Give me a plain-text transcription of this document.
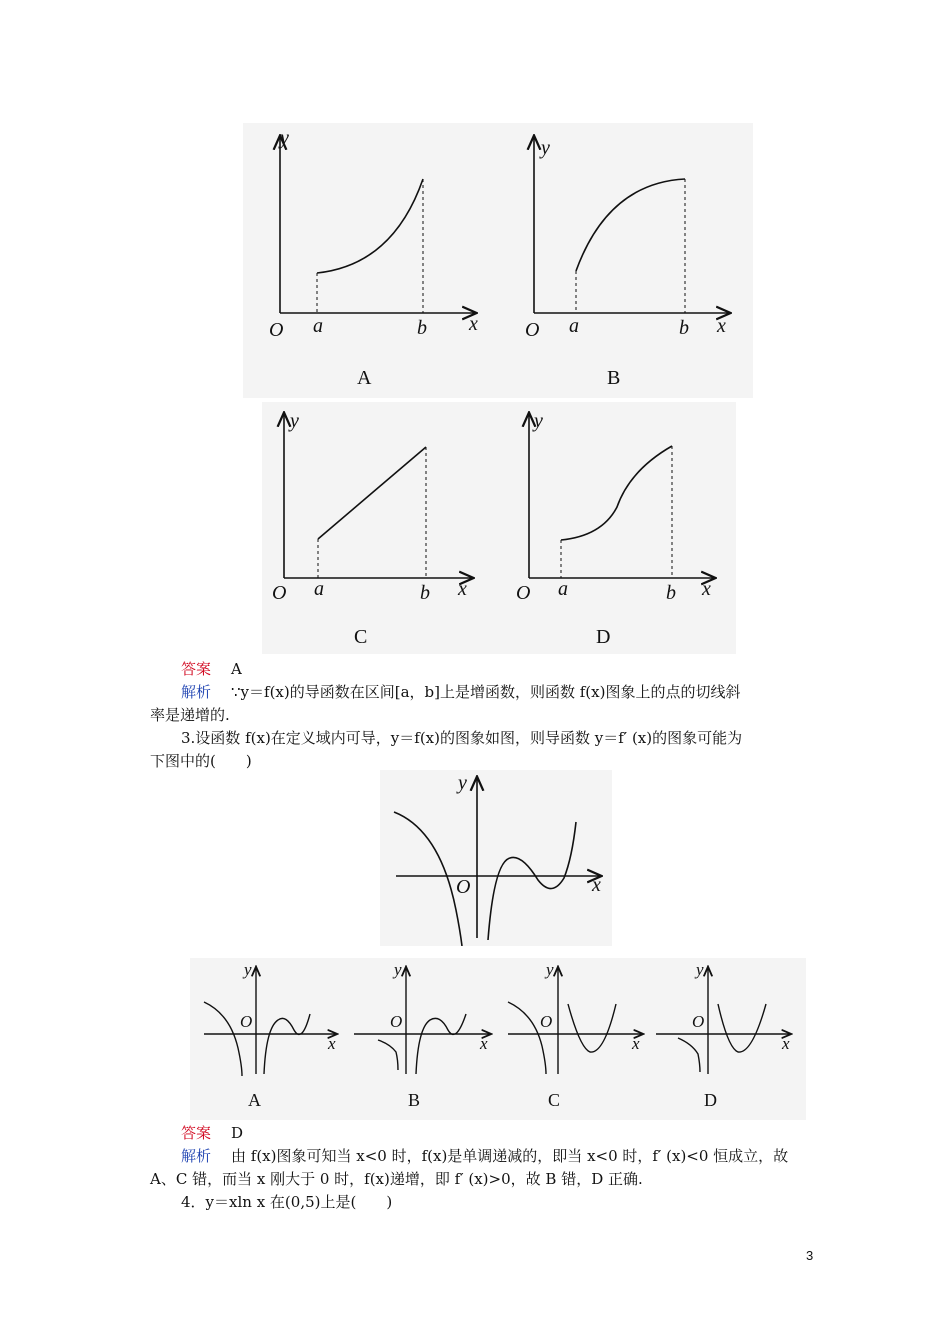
y
x
O a	b
A
y
x
O a	b
B
y
x
O a	b
C
y
x
O a	b
D
答案 A
解析 ∵y＝f(x)的导函数在区间[a，b]上是增函数，则函数 f(x)图象上的点的切线斜
率是递增的.
3.设函数 f(x)在定义域内可导，y＝f(x)的图象如图，则导函数 y＝f′ (x)的图象可能为
下图中的(　　)
y
x
O
y
O
x
A
y
O
x
B
y
O
x
C
y
O
x
D
答案 D
解析 由 f(x)图象可知当 x<0 时，f(x)是单调递减的，即当 x<0 时，f′ (x)<0 恒成立，故
A、C 错，而当 x 刚大于 0 时，f(x)递增，即 f′ (x)>0，故 B 错，D 正确.
4．y＝xln x 在(0,5)上是(　　)
3
